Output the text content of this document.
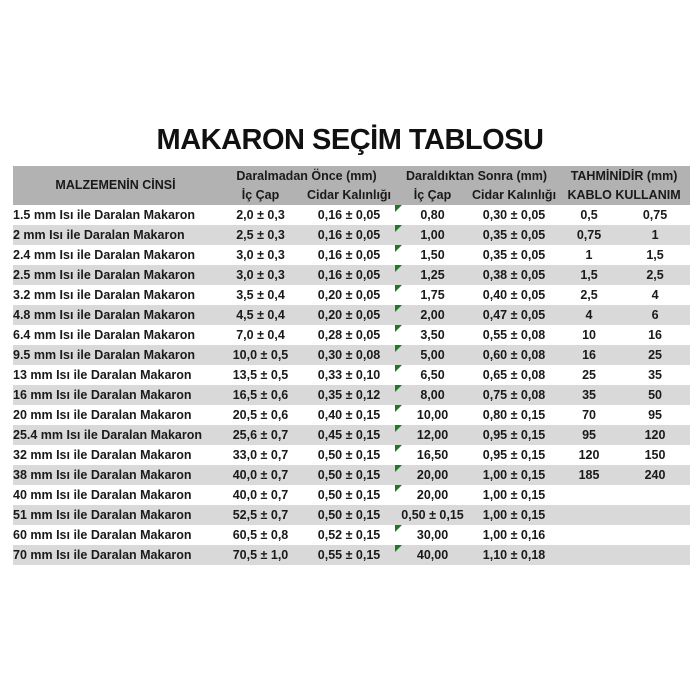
MAKARON SEÇİM TABLOSU
MALZEMENİN CİNSİ	Daralmadan Önce (mm)		Daraldıktan Sonra (mm)		TAHMİNİDİR (mm)	
	İç Çap	Cidar Kalınlığı	İç Çap	Cidar Kalınlığı	KABLO KULLANIM	
1.5 mm Isı ile Daralan Makaron	2,0 ± 0,3	0,16 ± 0,05	0,80	0,30 ± 0,05	0,5	0,75
2 mm Isı ile Daralan Makaron	2,5 ± 0,3	0,16 ± 0,05	1,00	0,35 ± 0,05	0,75	1
2.4 mm Isı ile Daralan Makaron	3,0 ± 0,3	0,16 ± 0,05	1,50	0,35 ± 0,05	1	1,5
2.5 mm Isı ile Daralan Makaron	3,0 ± 0,3	0,16 ± 0,05	1,25	0,38 ± 0,05	1,5	2,5
3.2 mm Isı ile Daralan Makaron	3,5 ± 0,4	0,20 ± 0,05	1,75	0,40 ± 0,05	2,5	4
4.8 mm Isı ile Daralan Makaron	4,5 ± 0,4	0,20 ± 0,05	2,00	0,47 ± 0,05	4	6
6.4 mm Isı ile Daralan Makaron	7,0 ± 0,4	0,28 ± 0,05	3,50	0,55 ± 0,08	10	16
9.5 mm Isı ile Daralan Makaron	10,0 ± 0,5	0,30 ± 0,08	5,00	0,60 ± 0,08	16	25
13 mm Isı ile Daralan Makaron	13,5 ± 0,5	0,33 ± 0,10	6,50	0,65 ± 0,08	25	35
16 mm Isı ile Daralan Makaron	16,5 ± 0,6	0,35 ± 0,12	8,00	0,75 ± 0,08	35	50
20 mm Isı ile Daralan Makaron	20,5 ± 0,6	0,40 ± 0,15	10,00	0,80 ± 0,15	70	95
25.4 mm Isı ile Daralan Makaron	25,6 ± 0,7	0,45 ± 0,15	12,00	0,95 ± 0,15	95	120
32 mm Isı ile Daralan Makaron	33,0 ± 0,7	0,50 ± 0,15	16,50	0,95 ± 0,15	120	150
38 mm Isı ile Daralan Makaron	40,0 ± 0,7	0,50 ± 0,15	20,00	1,00 ± 0,15	185	240
40 mm Isı ile Daralan Makaron	40,0 ± 0,7	0,50 ± 0,15	20,00	1,00 ± 0,15		
51 mm Isı ile Daralan Makaron	52,5 ± 0,7	0,50 ± 0,15	0,50 ± 0,15	1,00 ± 0,15		
60 mm Isı ile Daralan Makaron	60,5 ± 0,8	0,52 ± 0,15	30,00	1,00 ± 0,16		
70 mm Isı ile Daralan Makaron	70,5 ± 1,0	0,55 ± 0,15	40,00	1,10 ± 0,18		
